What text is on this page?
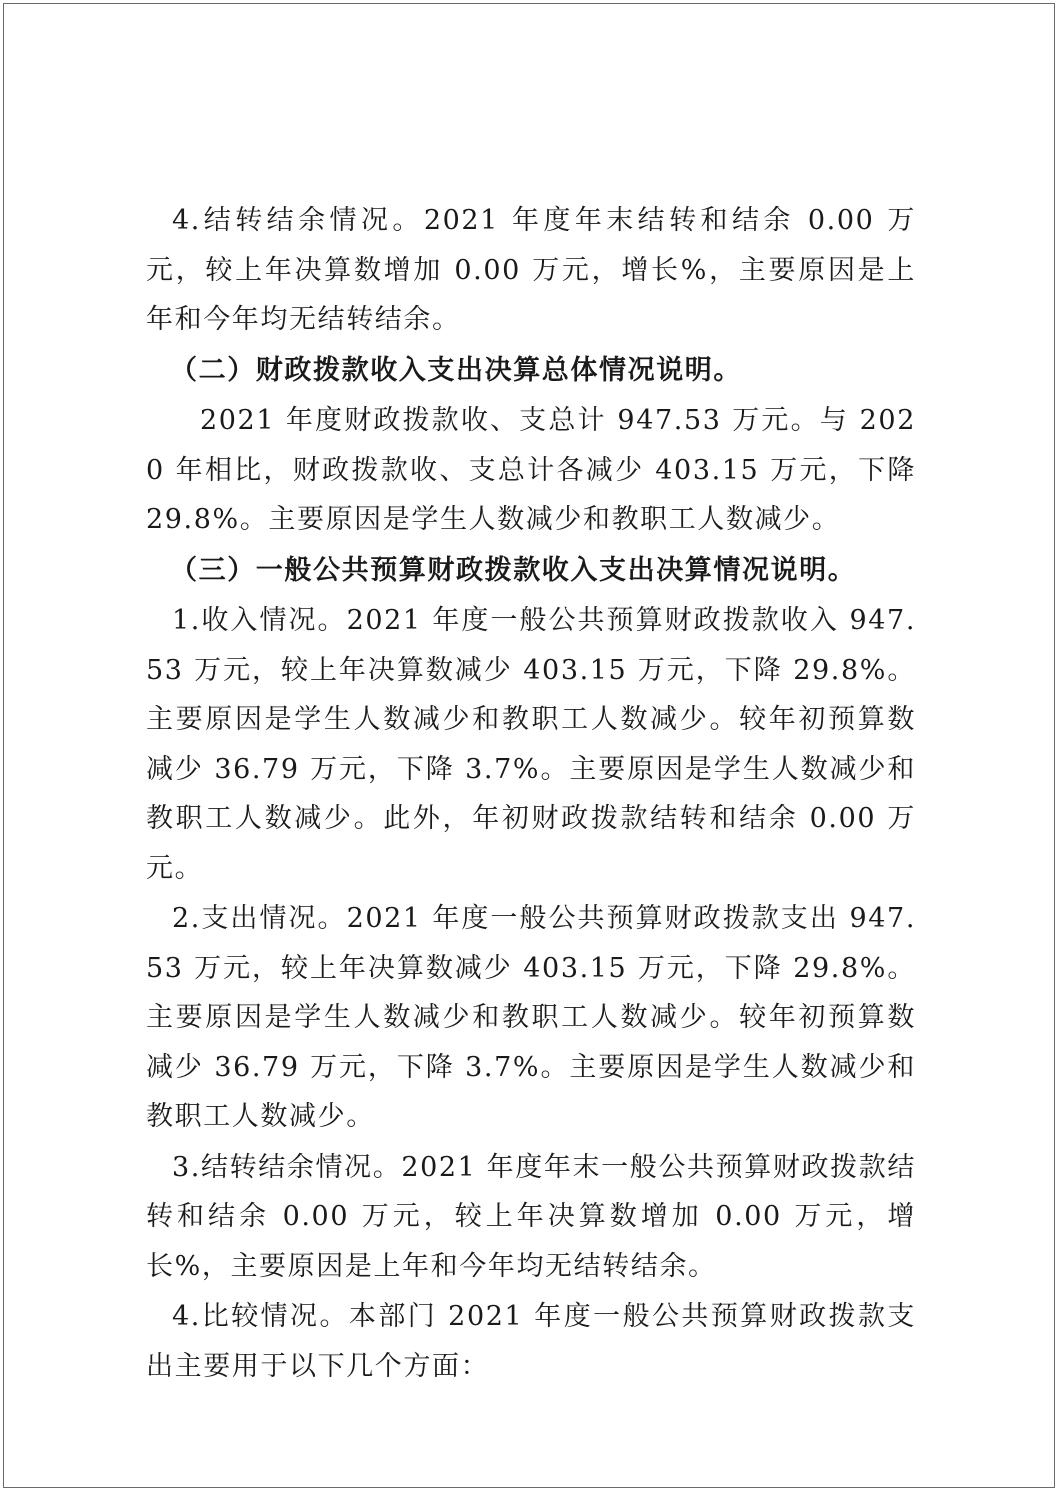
4.结转结余情况。2021 年度年末结转和结余 0.00 万元，较上年决算数增加 0.00 万元，增长%，主要原因是上年和今年均无结转结余。

（二）财政拨款收入支出决算总体情况说明。

2021 年度财政拨款收、支总计 947.53 万元。与 2020 年相比，财政拨款收、支总计各减少 403.15 万元，下降 29.8%。主要原因是学生人数减少和教职工人数减少。

（三）一般公共预算财政拨款收入支出决算情况说明。

1.收入情况。2021 年度一般公共预算财政拨款收入 947.53 万元，较上年决算数减少 403.15 万元，下降 29.8%。主要原因是学生人数减少和教职工人数减少。较年初预算数减少 36.79 万元，下降 3.7%。主要原因是学生人数减少和教职工人数减少。此外，年初财政拨款结转和结余 0.00 万元。

2.支出情况。2021 年度一般公共预算财政拨款支出 947.53 万元，较上年决算数减少 403.15 万元，下降 29.8%。主要原因是学生人数减少和教职工人数减少。较年初预算数减少 36.79 万元，下降 3.7%。主要原因是学生人数减少和教职工人数减少。

3.结转结余情况。2021 年度年末一般公共预算财政拨款结转和结余 0.00 万元，较上年决算数增加 0.00 万元，增长%，主要原因是上年和今年均无结转结余。

4.比较情况。本部门 2021 年度一般公共预算财政拨款支出主要用于以下几个方面：
